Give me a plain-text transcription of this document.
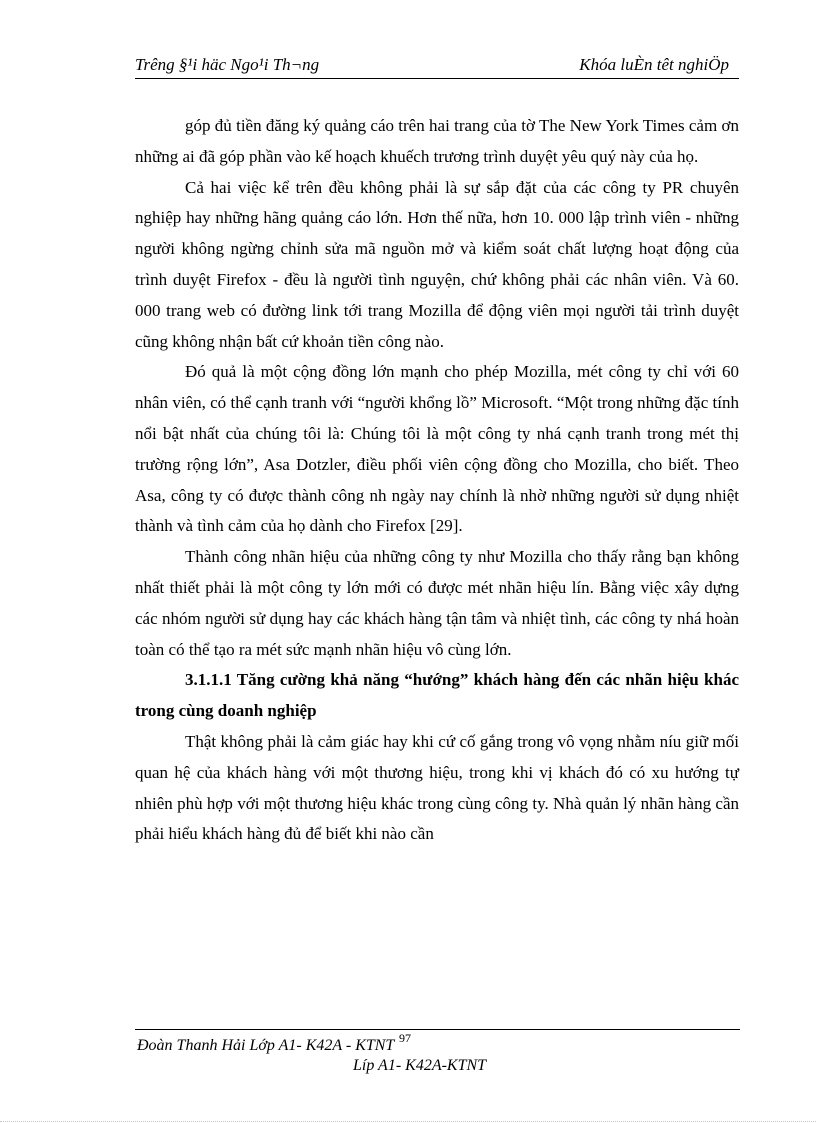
Trêng §¹i häc Ngo¹i Th¬ng	Khóa luÈn têt nghiÖp

góp đủ tiền đăng ký quảng cáo trên hai trang của tờ The New York Times cảm ơn những ai đã góp phần vào kế hoạch khuếch trương trình duyệt yêu quý này của họ.

Cả hai việc kể trên đều không phải là sự sắp đặt của các công ty PR chuyên nghiệp hay những hãng quảng cáo lớn. Hơn thế nữa, hơn 10. 000 lập trình viên - những người không ngừng chỉnh sửa mã nguồn mở và kiểm soát chất lượng hoạt động của trình duyệt Firefox - đều là người tình nguyện, chứ không phải các nhân viên. Và 60. 000 trang web có đường link tới trang Mozilla để động viên mọi người tải trình duyệt cũng không nhận bất cứ khoản tiền công nào.

Đó quả là một cộng đồng lớn mạnh cho phép Mozilla, mét công ty chỉ với 60 nhân viên, có thể cạnh tranh với “người khổng lồ” Microsoft. “Một trong những đặc tính nổi bật nhất của chúng tôi là: Chúng tôi là một công ty nhá cạnh tranh trong mét thị trường rộng lớn”, Asa Dotzler, điều phối viên cộng đồng cho Mozilla, cho biết. Theo Asa, công ty có được thành công nh ngày nay chính là nhờ những người sử dụng nhiệt thành và tình cảm của họ dành cho Firefox [29].

Thành công nhãn hiệu của những công ty như Mozilla cho thấy rằng bạn không nhất thiết phải là một công ty lớn mới có được mét nhãn hiệu lín. Bằng việc xây dựng các nhóm người sử dụng hay các khách hàng tận tâm và nhiệt tình, các công ty nhá hoàn toàn có thể tạo ra mét sức mạnh nhãn hiệu vô cùng lớn.

3.1.1.1 Tăng cường khả năng “hướng” khách hàng đến các nhãn hiệu khác trong cùng doanh nghiệp

Thật không phải là cảm giác hay khi cứ cố gắng trong vô vọng nhằm níu giữ mối quan hệ của khách hàng với một thương hiệu, trong khi vị khách đó có xu hướng tự nhiên phù hợp với một thương hiệu khác trong cùng công ty. Nhà quản lý nhãn hàng cần phải hiểu khách hàng đủ để biết khi nào cần

Đoàn Thanh Hải Lớp A1- K42A - KTNT 97
Líp A1- K42A-KTNT
